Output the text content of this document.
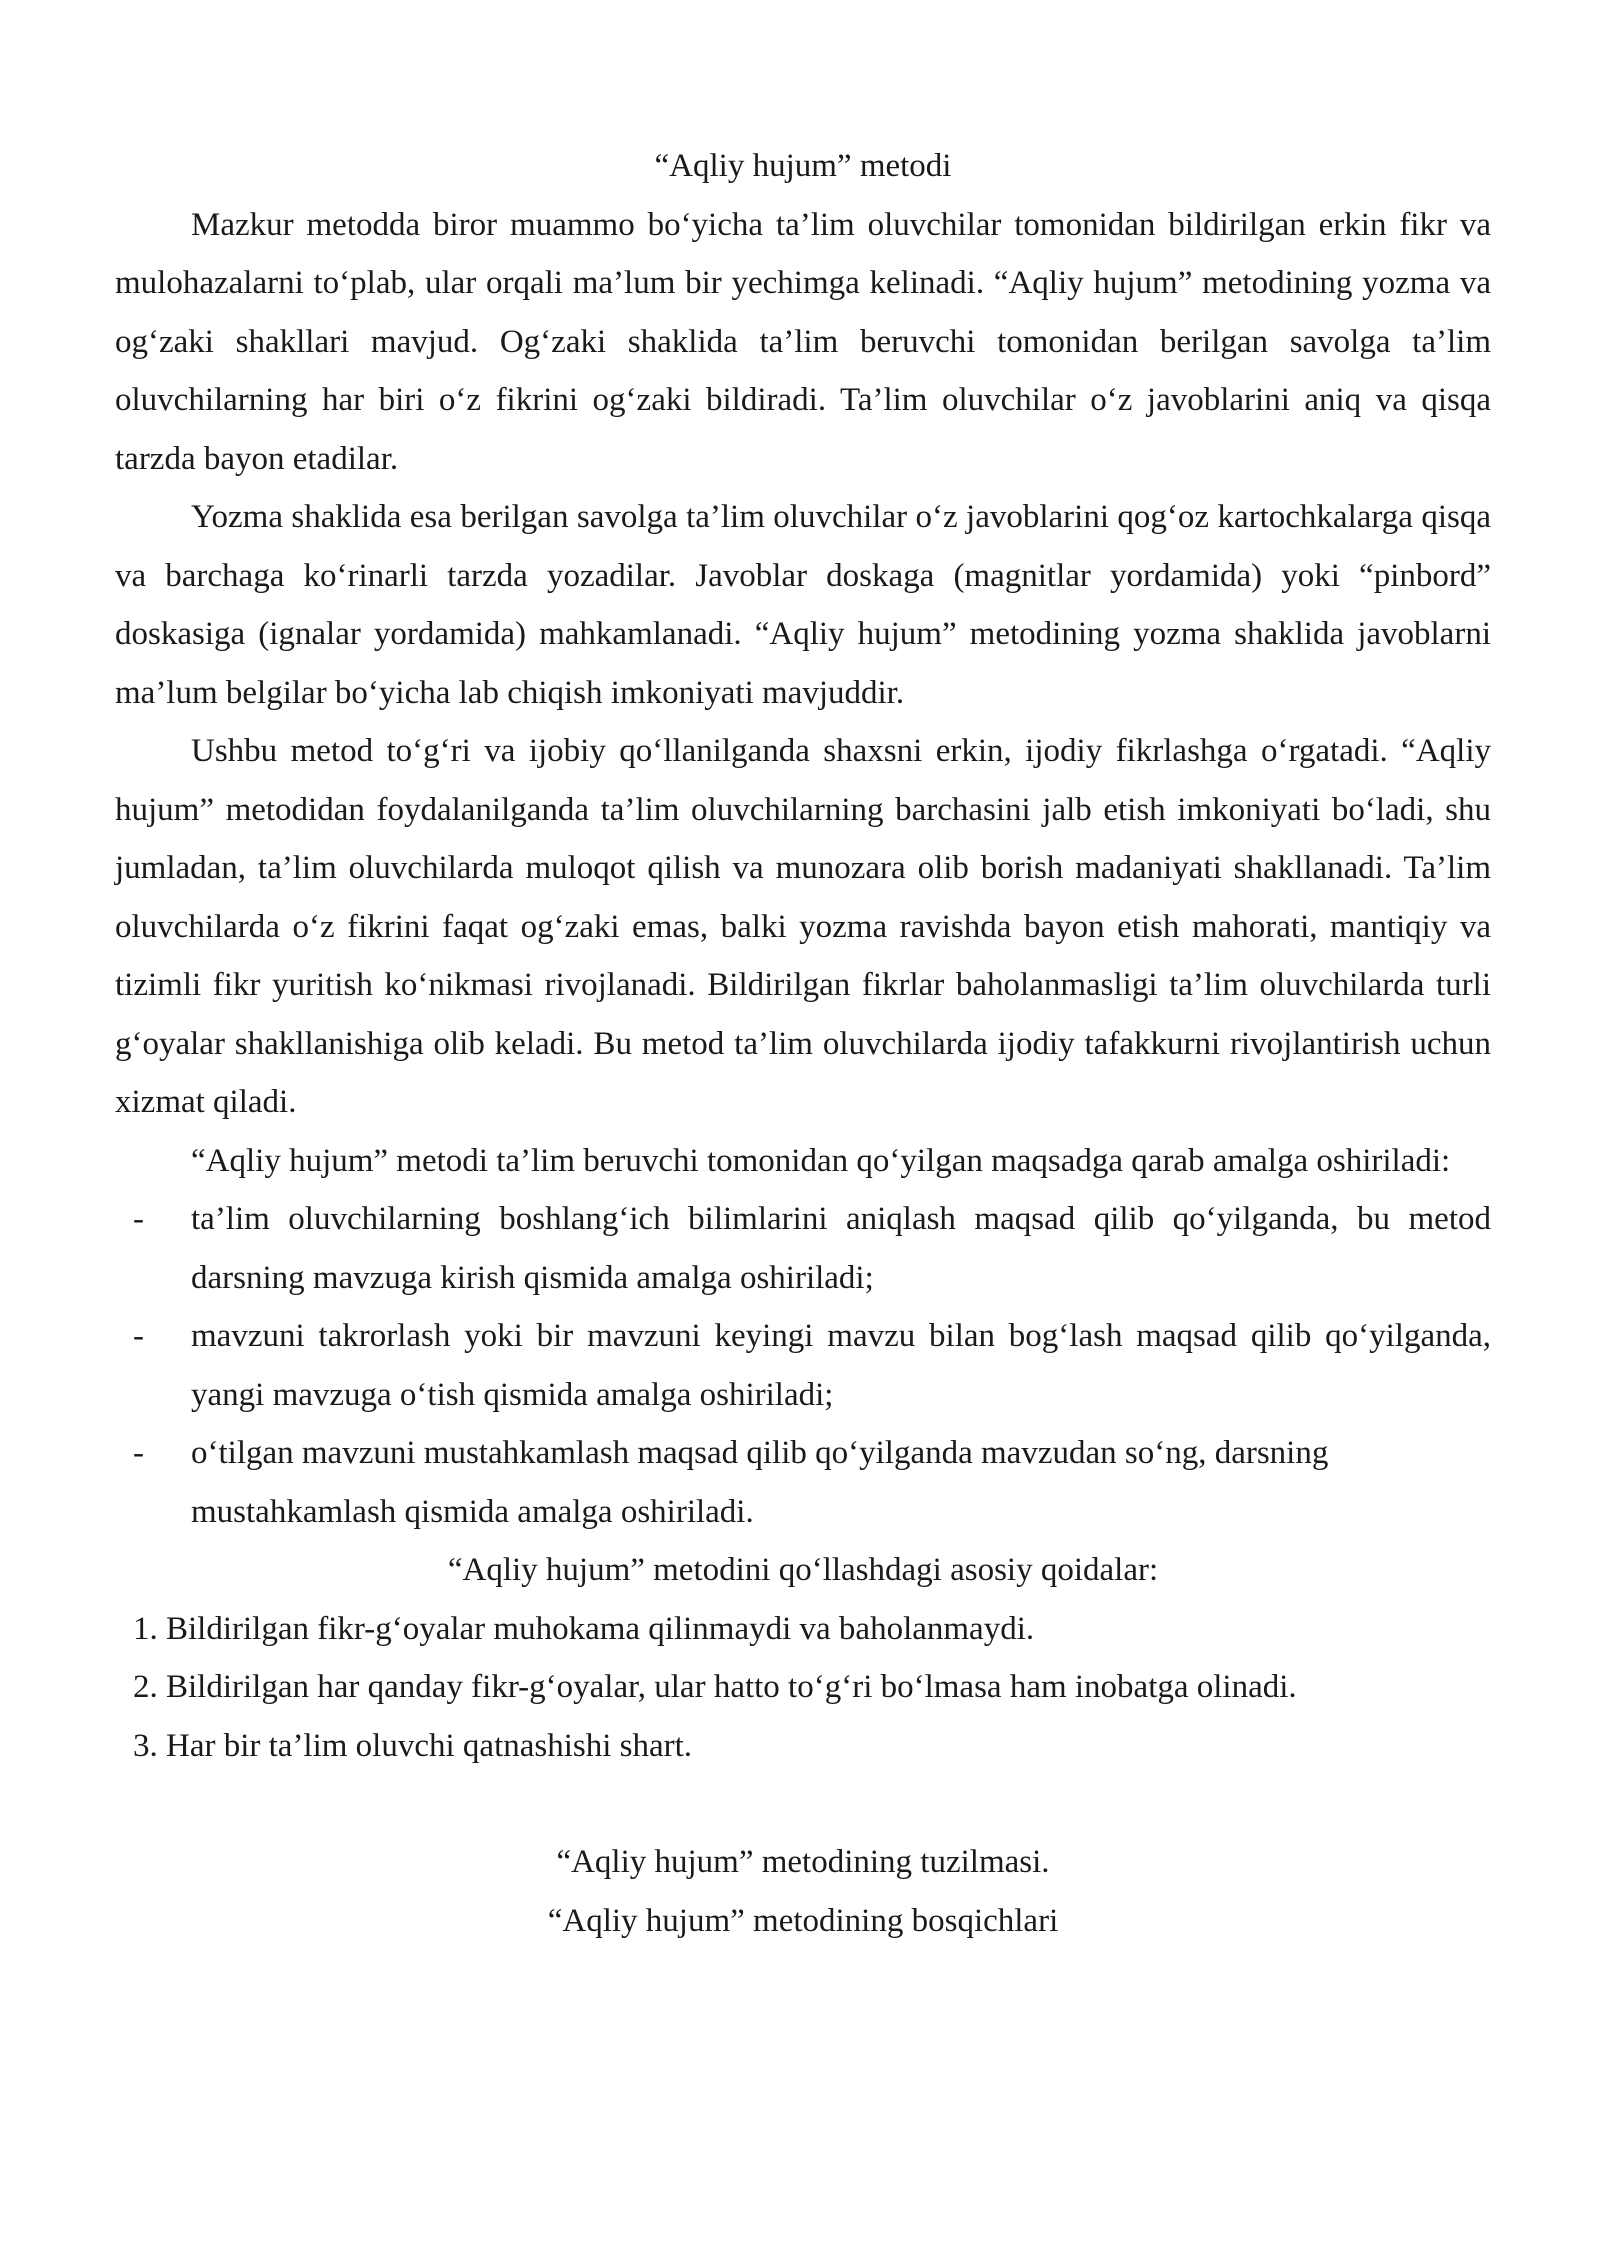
“Aqliy hujum” metodi

Mazkur metodda biror muammo bo‘yicha ta’lim oluvchilar tomonidan bildirilgan erkin fikr va mulohazalarni to‘plab, ular orqali ma’lum bir yechimga kelinadi. “Aqliy hujum” metodining yozma va og‘zaki shakllari mavjud. Og‘zaki shaklida ta’lim beruvchi tomonidan berilgan savolga ta’lim oluvchilarning har biri o‘z fikrini og‘zaki bildiradi. Ta’lim oluvchilar o‘z javoblarini aniq va qisqa tarzda bayon etadilar.

Yozma shaklida esa berilgan savolga ta’lim oluvchilar o‘z javoblarini qog‘oz kartochkalarga qisqa va barchaga ko‘rinarli tarzda yozadilar. Javoblar doskaga (magnitlar yordamida) yoki “pinbord” doskasiga (ignalar yordamida) mahkamlanadi. “Aqliy hujum” metodining yozma shaklida javoblarni ma’lum belgilar bo‘yicha lab chiqish imkoniyati mavjuddir.

Ushbu metod to‘g‘ri va ijobiy qo‘llanilganda shaxsni erkin, ijodiy fikrlashga o‘rgatadi. “Aqliy hujum” metodidan foydalanilganda ta’lim oluvchilarning barchasini jalb etish imkoniyati bo‘ladi, shu jumladan, ta’lim oluvchilarda muloqot qilish va munozara olib borish madaniyati shakllanadi. Ta’lim oluvchilarda o‘z fikrini faqat og‘zaki emas, balki yozma ravishda bayon etish mahorati, mantiqiy va tizimli fikr yuritish ko‘nikmasi rivojlanadi. Bildirilgan fikrlar baholanmasligi ta’lim oluvchilarda turli g‘oyalar shakllanishiga olib keladi. Bu metod ta’lim oluvchilarda ijodiy tafakkurni rivojlantirish uchun xizmat qiladi.

“Aqliy hujum” metodi ta’lim beruvchi tomonidan qo‘yilgan maqsadga qarab amalga oshiriladi:

- ta’lim oluvchilarning boshlang‘ich bilimlarini aniqlash maqsad qilib qo‘yilganda, bu metod darsning mavzuga kirish qismida amalga oshiriladi;
- mavzuni takrorlash yoki bir mavzuni keyingi mavzu bilan bog‘lash maqsad qilib qo‘yilganda, yangi mavzuga o‘tish qismida amalga oshiriladi;
- o‘tilgan mavzuni mustahkamlash maqsad qilib qo‘yilganda mavzudan so‘ng, darsning mustahkamlash qismida amalga oshiriladi.

“Aqliy hujum” metodini qo‘llashdagi asosiy qoidalar:

1. Bildirilgan fikr-g‘oyalar muhokama qilinmaydi va baholanmaydi.
2. Bildirilgan har qanday fikr-g‘oyalar, ular hatto to‘g‘ri bo‘lmasa ham inobatga olinadi.
3. Har bir ta’lim oluvchi qatnashishi shart.

“Aqliy hujum” metodining tuzilmasi.

“Aqliy hujum” metodining bosqichlari
